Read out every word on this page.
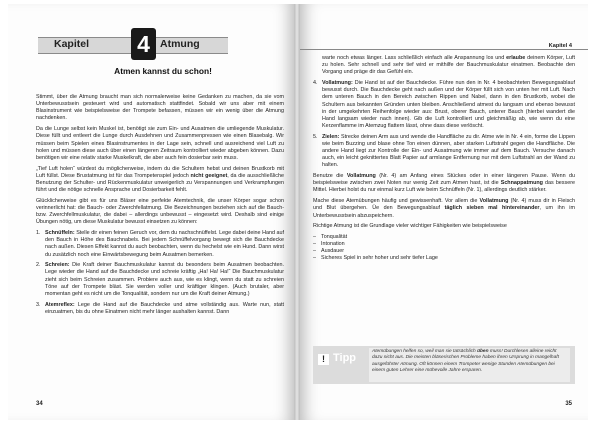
Kapitel 4 Atmung
Atmen kannst du schon!

Stimmt, über die Atmung braucht man sich normalerweise keine Gedanken zu machen, da sie vom Unterbewusstsein gesteuert wird und automatisch stattfindet. Sobald wir uns aber mit einem Blasinstrument wie beispielsweise der Trompete befassen, müssen wir ein wenig über die Atmung nachdenken.

Da die Lunge selbst kein Muskel ist, benötigt sie zum Ein- und Ausatmen die umliegende Muskulatur. Diese füllt und entleert die Lunge durch Ausdehnen und Zusammenpressen wie einen Blasebalg. Wir müssen beim Spielen eines Blasinstrumentes in der Lage sein, schnell und ausreichend viel Luft zu holen und müssen diese auch über einen längeren Zeitraum kontrolliert wieder abgeben können. Dazu benötigen wir eine relativ starke Muskelkraft, die aber auch fein dosierbar sein muss.

„Tief Luft holen“ würdest du möglicherweise, indem du die Schultern hebst und deinen Brustkorb mit Luft füllst. Diese Brustatmung ist für das Trompetenspiel jedoch nicht geeignet, da die ausschließliche Benutzung der Schulter- und Rückenmuskulatur unweigerlich zu Verspannungen und Verkrampfungen führt und die nötige schnelle Ansprache und Dosierbarkeit fehlt.

Glücklicherweise gibt es für uns Bläser eine perfekte Atemtechnik, die unser Körper sogar schon verinnerlicht hat: die Bauch- oder Zwerchfellatmung. Die Bezeichnungen beziehen sich auf die Bauch- bzw. Zwerchfellmuskulatur, die dabei – allerdings unbewusst – eingesetzt wird. Deshalb sind einige Übungen nötig, um diese Muskulatur bewusst einsetzen zu können:

1. Schnüffeln: Stelle dir einen feinen Geruch vor, dem du nachschnüffelst. Lege dabei deine Hand auf den Bauch in Höhe des Bauchnabels. Bei jedem Schnüffelvorgang bewegt sich die Bauchdecke nach außen. Diesen Effekt kannst du auch beobachten, wenn du hechelst wie ein Hund. Dann wirst du zusätzlich noch eine Einwärtsbewegung beim Ausatmen bemerken.
2. Schreien: Die Kraft deiner Bauchmuskulatur kannst du besonders beim Ausatmen beobachten. Lege wieder die Hand auf die Bauchdecke und schreie kräftig „Ha! Ha! Ha!“ Die Bauchmuskulatur zieht sich beim Schreien zusammen. Probiere auch aus, wie es klingt, wenn du statt zu schreien Töne auf der Trompete bläst. Sie werden voller und kräftiger klingen. (Auch brutaler, aber momentan geht es nicht um die Tonqualität, sondern nur um die Kraft deiner Atmung.)
3. Atemreflex: Lege die Hand auf die Bauchdecke und atme vollständig aus. Warte nun, statt einzuatmen, bis du ohne Einatmen nicht mehr länger aushalten kannst. Dann
34
Kapitel 4

warte noch etwas länger. Lass schließlich einfach alle Anspannung los und erlaube deinem Körper, Luft zu holen. Sehr schnell und sehr tief wird er mithilfe der Bauchmuskulatur einatmen. Beobachte den Vorgang und präge dir das Gefühl ein.

4. Vollatmung: Die Hand ist auf der Bauchdecke. Führe nun den in Nr. 4 beobachteten Bewegungsablauf bewusst durch. Die Bauchdecke geht nach außen und der Körper füllt sich von unten her mit Luft. Nach dem unteren Bauch in den Bereich zwischen Rippen und Nabel, dann in den Brustkorb, wobei die Schultern aus bekannten Gründen unten bleiben. Anschließend atmest du langsam und ebenso bewusst in der umgekehrten Reihenfolge wieder aus: Brust, oberer Bauch, unterer Bauch (hierbei wandert die Hand langsam wieder nach innen). Gib die Luft kontrolliert und gleichmäßig ab, wie wenn du eine Kerzenflamme im Atemzug flattern lässt, ohne dass diese verlöscht.
5. Zielen: Strecke deinen Arm aus und wende die Handfläche zu dir. Atme wie in Nr. 4 ein, forme die Lippen wie beim Buzzing und blase ohne Ton einen dünnen, aber starken Luftstrahl gegen die Handfläche. Die andere Hand liegt zur Kontrolle der Ein- und Ausatmung wie immer auf dem Bauch. Versuche danach auch, ein leicht geknittertes Blatt Papier auf armlange Entfernung nur mit dem Luftstrahl an der Wand zu halten.

Benutze die Vollatmung (Nr. 4) am Anfang eines Stückes oder in einer längeren Pause. Wenn du beispielsweise zwischen zwei Noten nur wenig Zeit zum Atmen hast, ist die Schnappatmung das bessere Mittel. Hierbei holst du nur einmal kurz Luft wie beim Schnüffeln (Nr. 1), allerdings deutlich stärker.

Mache diese Atemübungen häufig und gewissenhaft. Vor allem die Vollatmung (Nr. 4) muss dir in Fleisch und Blut übergehen. Üe den Bewegungsablauf täglich sieben mal hintereinander, um ihn im Unterbewusstsein abzuspeichern.

Richtige Atmung ist die Grundlage vieler wichtiger Fähigkeiten wie beispielsweise

– Tonqualität
– Intonation
– Ausdauer
– Sicheres Spiel in sehr hoher und sehr tiefer Lage
! Tipp
Atemübungen helfen so, weil man sie tatsächlich üben muss! Durchlesen alleine reicht dazu nicht aus. Die meisten bläserischen Probleme haben ihren Ursprung in mangelhaft ausgeführter Atmung. Oft können einem Trompeter wenige Stunden Atemübungen bei einem guten Lehrer eine mühevolle Jahre ersparen.
35
